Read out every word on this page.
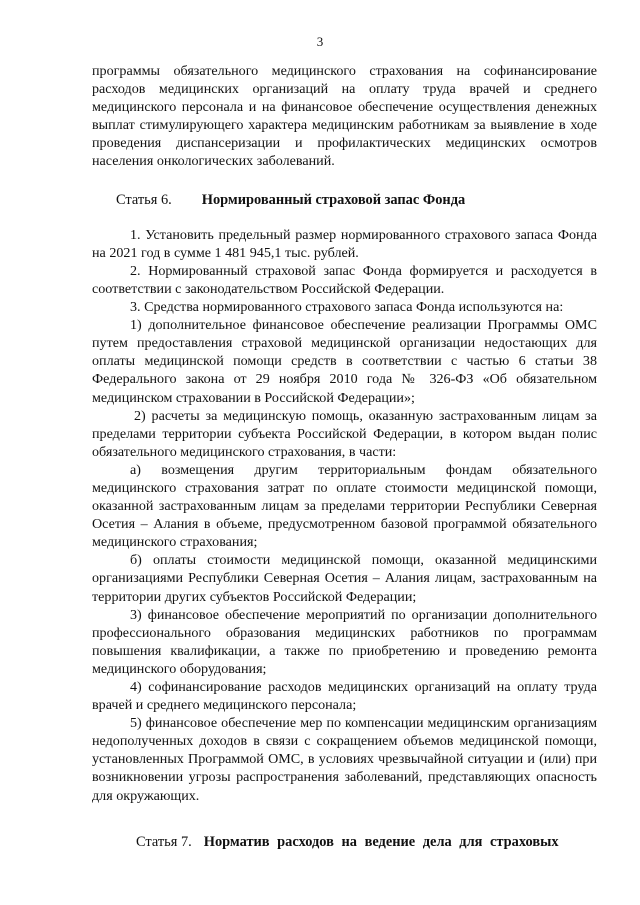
3

программы обязательного медицинского страхования на софинансирование расходов медицинских организаций на оплату труда врачей и среднего медицинского персонала и на финансовое обеспечение осуществления денежных выплат стимулирующего характера медицинским работникам за выявление в ходе проведения диспансеризации и профилактических медицинских осмотров населения онкологических заболеваний.

Статья 6. Нормированный страховой запас Фонда

1. Установить предельный размер нормированного страхового запаса Фонда на 2021 год в сумме 1 481 945,1 тыс. рублей.

2. Нормированный страховой запас Фонда формируется и расходуется в соответствии с законодательством Российской Федерации.

3. Средства нормированного страхового запаса Фонда используются на:

1) дополнительное финансовое обеспечение реализации Программы ОМС путем предоставления страховой медицинской организации недостающих для оплаты медицинской помощи средств в соответствии с частью 6 статьи 38 Федерального закона от 29 ноября 2010 года № 326-ФЗ «Об обязательном медицинском страховании в Российской Федерации»;

2) расчеты за медицинскую помощь, оказанную застрахованным лицам за пределами территории субъекта Российской Федерации, в котором выдан полис обязательного медицинского страхования, в части:

а) возмещения другим территориальным фондам обязательного медицинского страхования затрат по оплате стоимости медицинской помощи, оказанной застрахованным лицам за пределами территории Республики Северная Осетия – Алания в объеме, предусмотренном базовой программой обязательного медицинского страхования;

б) оплаты стоимости медицинской помощи, оказанной медицинскими организациями Республики Северная Осетия – Алания лицам, застрахованным на территории других субъектов Российской Федерации;

3) финансовое обеспечение мероприятий по организации дополнительного профессионального образования медицинских работников по программам повышения квалификации, а также по приобретению и проведению ремонта медицинского оборудования;

4) софинансирование расходов медицинских организаций на оплату труда врачей и среднего медицинского персонала;

5) финансовое обеспечение мер по компенсации медицинским организациям недополученных доходов в связи с сокращением объемов медицинской помощи, установленных Программой ОМС, в условиях чрезвычайной ситуации и (или) при возникновении угрозы распространения заболеваний, представляющих опасность для окружающих.

Статья 7. Норматив расходов на ведение дела для страховых
